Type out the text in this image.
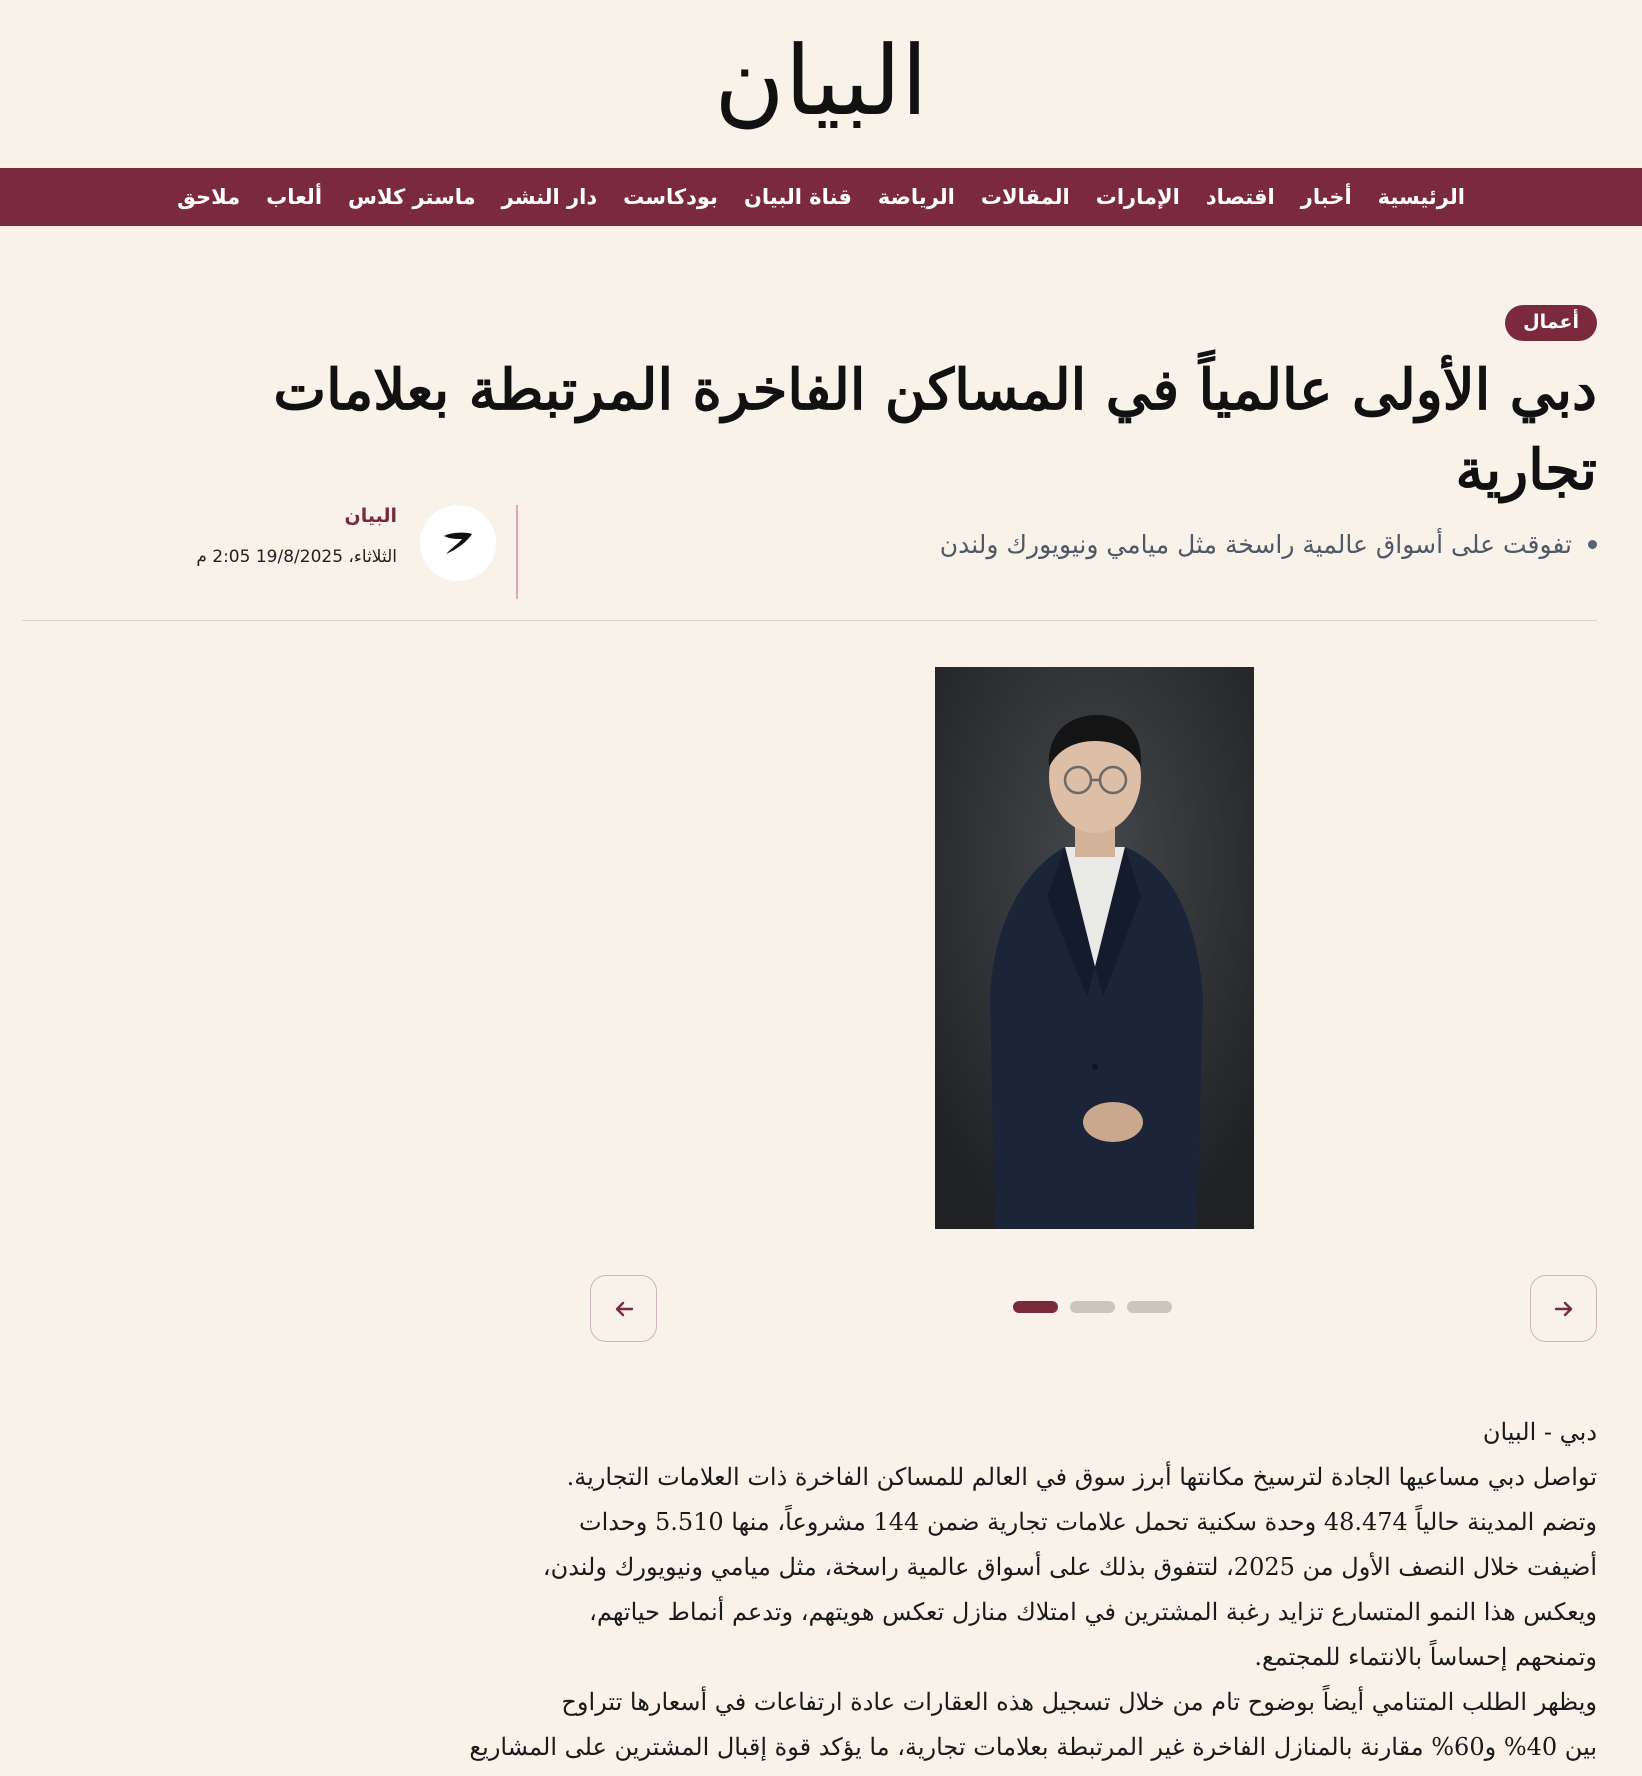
البيان
الرئيسية
أخبار
اقتصاد
الإمارات
المقالات
الرياضة
قناة البيان
بودكاست
دار النشر
ماستر كلاس
ألعاب
ملاحق
أعمال
دبي الأولى عالمياً في المساكن الفاخرة المرتبطة بعلامات تجارية
تفوقت على أسواق عالمية راسخة مثل ميامي ونيويورك ولندن
البيان
الثلاثاء، 19/8/2025 2:05 م

دبي - البيان

تواصل دبي مساعيها الجادة لترسيخ مكانتها أبرز سوق في العالم للمساكن الفاخرة ذات العلامات التجارية.

وتضم المدينة حالياً 48.474 وحدة سكنية تحمل علامات تجارية ضمن 144 مشروعاً، منها 5.510 وحدات

أضيفت خلال النصف الأول من 2025، لتتفوق بذلك على أسواق عالمية راسخة، مثل ميامي ونيويورك ولندن،

ويعكس هذا النمو المتسارع تزايد رغبة المشترين في امتلاك منازل تعكس هويتهم، وتدعم أنماط حياتهم،

وتمنحهم إحساساً بالانتماء للمجتمع.

ويظهر الطلب المتنامي أيضاً بوضوح تام من خلال تسجيل هذه العقارات عادة ارتفاعات في أسعارها تتراوح

بين 40% و60% مقارنة بالمنازل الفاخرة غير المرتبطة بعلامات تجارية، ما يؤكد قوة إقبال المشترين على المشاريع
